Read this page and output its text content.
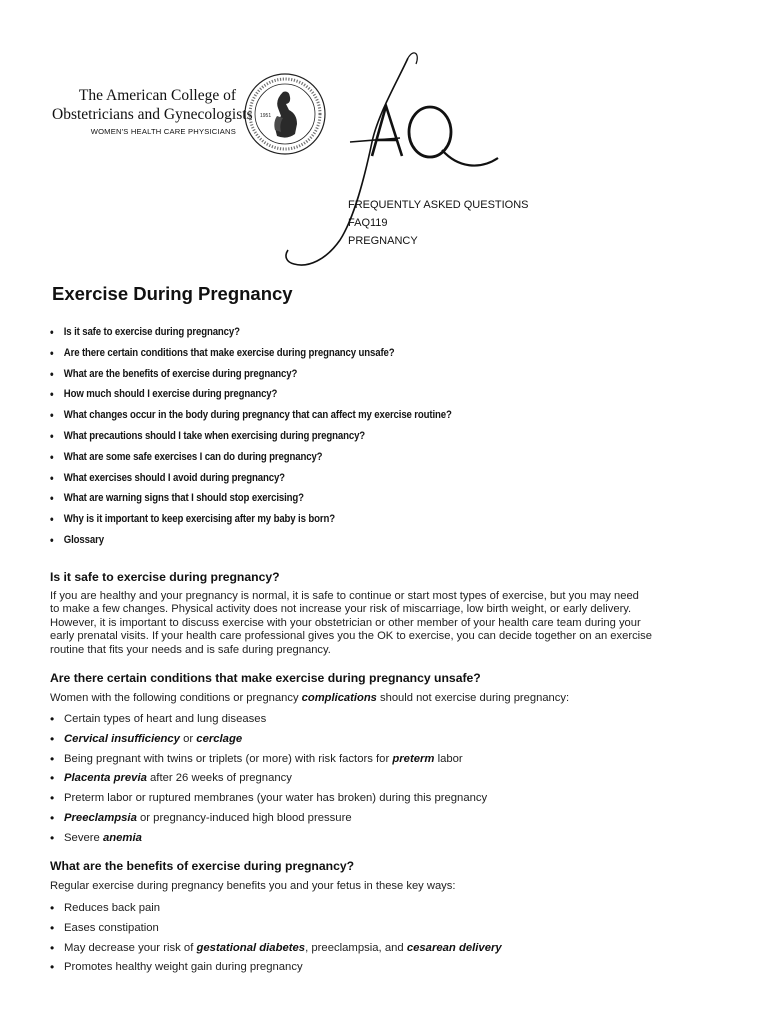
The American College of
Obstetricians and Gynecologists
WOMEN'S HEALTH CARE PHYSICIANS
1951
FREQUENTLY ASKED QUESTIONS
FAQ119
PREGNANCY
Exercise During Pregnancy
• Is it safe to exercise during pregnancy?
• Are there certain conditions that make exercise during pregnancy unsafe?
• What are the benefits of exercise during pregnancy?
• How much should I exercise during pregnancy?
• What changes occur in the body during pregnancy that can affect my exercise routine?
• What precautions should I take when exercising during pregnancy?
• What are some safe exercises I can do during pregnancy?
• What exercises should I avoid during pregnancy?
• What are warning signs that I should stop exercising?
• Why is it important to keep exercising after my baby is born?
• Glossary
Is it safe to exercise during pregnancy?

If you are healthy and your pregnancy is normal, it is safe to continue or start most types of exercise, but you may need
to make a few changes. Physical activity does not increase your risk of miscarriage, low birth weight, or early delivery.
However, it is important to discuss exercise with your obstetrician or other member of your health care team during your
early prenatal visits. If your health care professional gives you the OK to exercise, you can decide together on an exercise
routine that fits your needs and is safe during pregnancy.

Are there certain conditions that make exercise during pregnancy unsafe?

Women with the following conditions or pregnancy complications should not exercise during pregnancy:

• Certain types of heart and lung diseases
• Cervical insufficiency or cerclage
• Being pregnant with twins or triplets (or more) with risk factors for preterm labor
• Placenta previa after 26 weeks of pregnancy
• Preterm labor or ruptured membranes (your water has broken) during this pregnancy
• Preeclampsia or pregnancy-induced high blood pressure
• Severe anemia
What are the benefits of exercise during pregnancy?

Regular exercise during pregnancy benefits you and your fetus in these key ways:

• Reduces back pain
• Eases constipation
• May decrease your risk of gestational diabetes, preeclampsia, and cesarean delivery
• Promotes healthy weight gain during pregnancy
